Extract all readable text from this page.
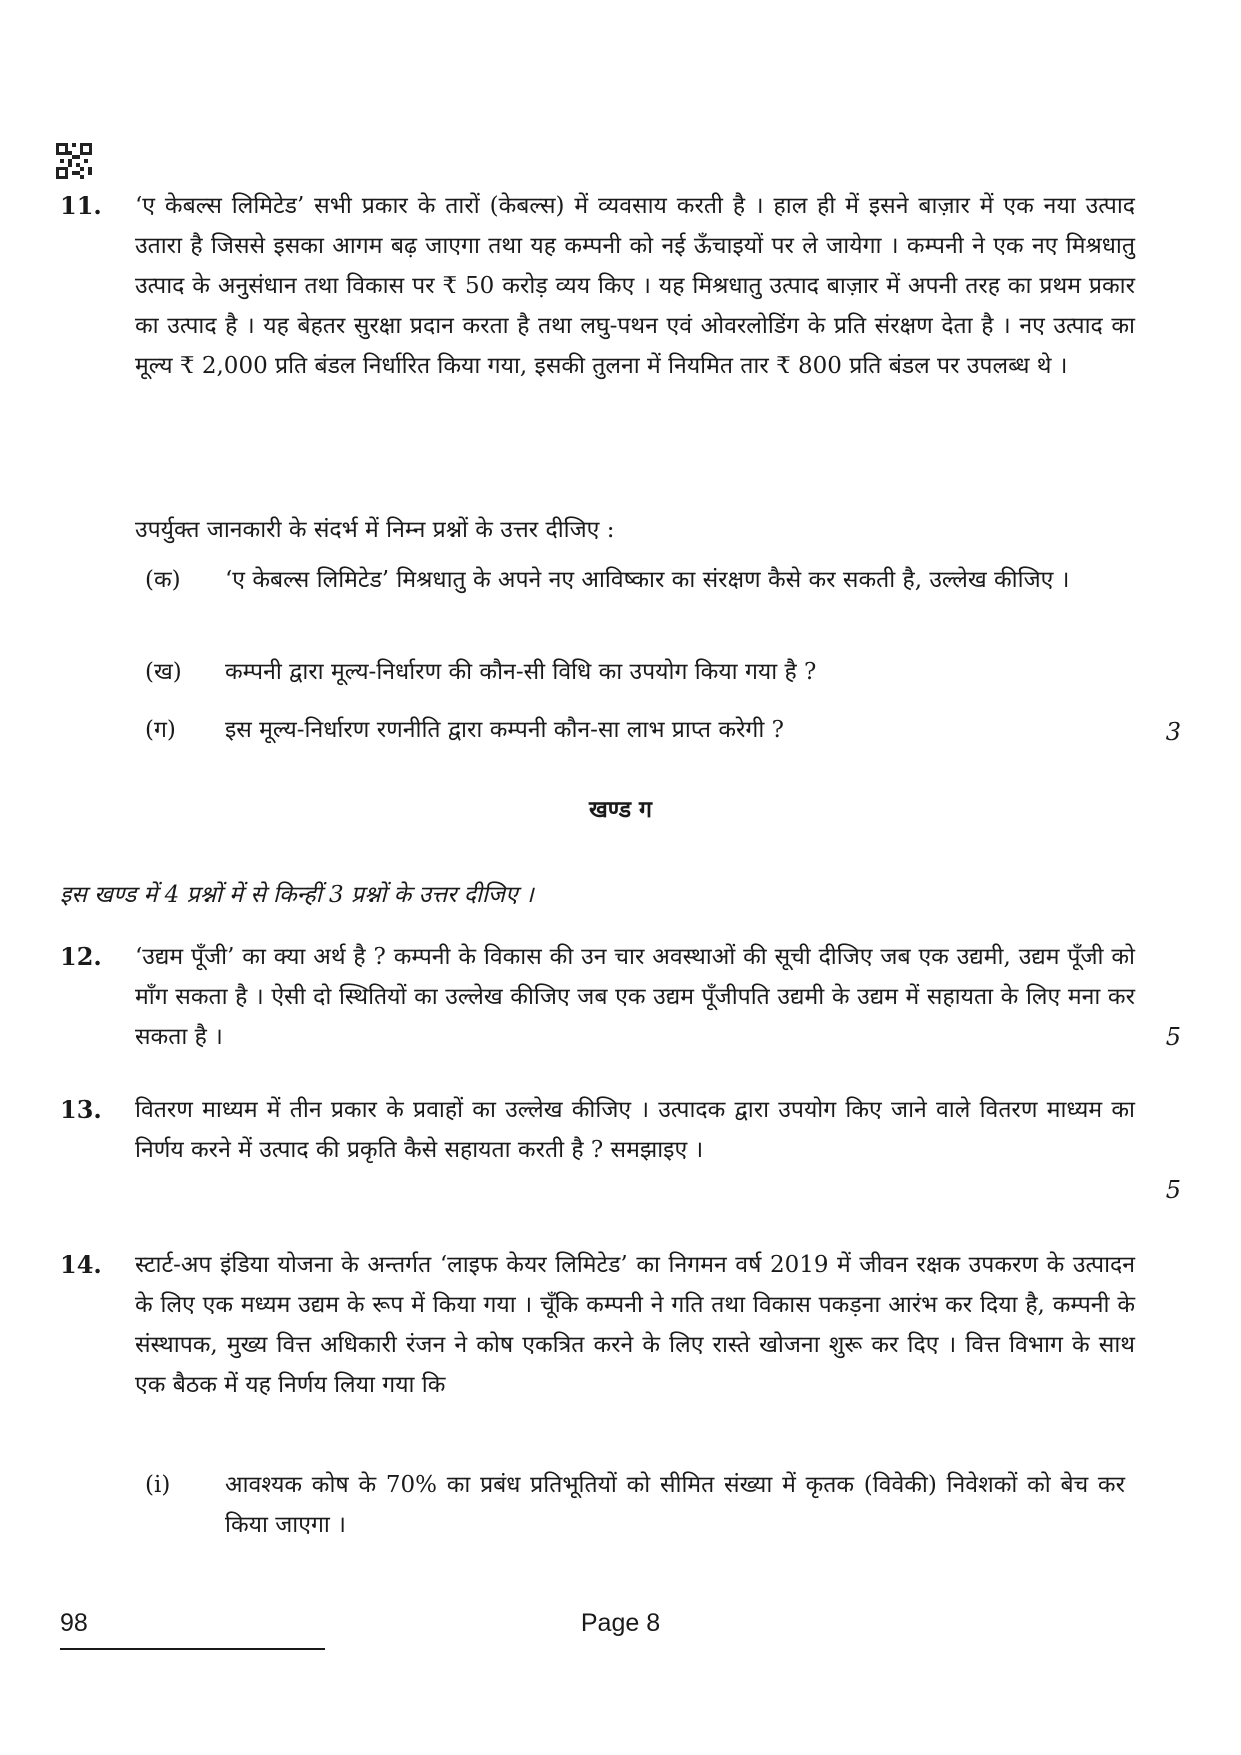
11. ‘ए केबल्स लिमिटेड’ सभी प्रकार के तारों (केबल्स) में व्यवसाय करती है । हाल ही में इसने बाज़ार में एक नया उत्पाद उतारा है जिससे इसका आगम बढ़ जाएगा तथा यह कम्पनी को नई ऊँचाइयों पर ले जायेगा । कम्पनी ने एक नए मिश्रधातु उत्पाद के अनुसंधान तथा विकास पर ₹ 50 करोड़ व्यय किए । यह मिश्रधातु उत्पाद बाज़ार में अपनी तरह का प्रथम प्रकार का उत्पाद है । यह बेहतर सुरक्षा प्रदान करता है तथा लघु-पथन एवं ओवरलोडिंग के प्रति संरक्षण देता है । नए उत्पाद का मूल्य ₹ 2,000 प्रति बंडल निर्धारित किया गया, इसकी तुलना में नियमित तार ₹ 800 प्रति बंडल पर उपलब्ध थे ।
उपर्युक्त जानकारी के संदर्भ में निम्न प्रश्नों के उत्तर दीजिए :
(क) ‘ए केबल्स लिमिटेड’ मिश्रधातु के अपने नए आविष्कार का संरक्षण कैसे कर सकती है, उल्लेख कीजिए ।
(ख) कम्पनी द्वारा मूल्य-निर्धारण की कौन-सी विधि का उपयोग किया गया है ?
(ग) इस मूल्य-निर्धारण रणनीति द्वारा कम्पनी कौन-सा लाभ प्राप्त करेगी ?	3
खण्ड ग
इस खण्ड में 4 प्रश्नों में से किन्हीं 3 प्रश्नों के उत्तर दीजिए ।
12. ‘उद्यम पूँजी’ का क्या अर्थ है ? कम्पनी के विकास की उन चार अवस्थाओं की सूची दीजिए जब एक उद्यमी, उद्यम पूँजी को माँग सकता है । ऐसी दो स्थितियों का उल्लेख कीजिए जब एक उद्यम पूँजीपति उद्यमी के उद्यम में सहायता के लिए मना कर सकता है ।	5
13. वितरण माध्यम में तीन प्रकार के प्रवाहों का उल्लेख कीजिए । उत्पादक द्वारा उपयोग किए जाने वाले वितरण माध्यम का निर्णय करने में उत्पाद की प्रकृति कैसे सहायता करती है ? समझाइए ।
5
14. स्टार्ट-अप इंडिया योजना के अन्तर्गत ‘लाइफ केयर लिमिटेड’ का निगमन वर्ष 2019 में जीवन रक्षक उपकरण के उत्पादन के लिए एक मध्यम उद्यम के रूप में किया गया । चूँकि कम्पनी ने गति तथा विकास पकड़ना आरंभ कर दिया है, कम्पनी के संस्थापक, मुख्य वित्त अधिकारी रंजन ने कोष एकत्रित करने के लिए रास्ते खोजना शुरू कर दिए । वित्त विभाग के साथ एक बैठक में यह निर्णय लिया गया कि
(i) आवश्यक कोष के 70% का प्रबंध प्रतिभूतियों को सीमित संख्या में कृतक (विवेकी) निवेशकों को बेच कर किया जाएगा ।
98	Page 8
